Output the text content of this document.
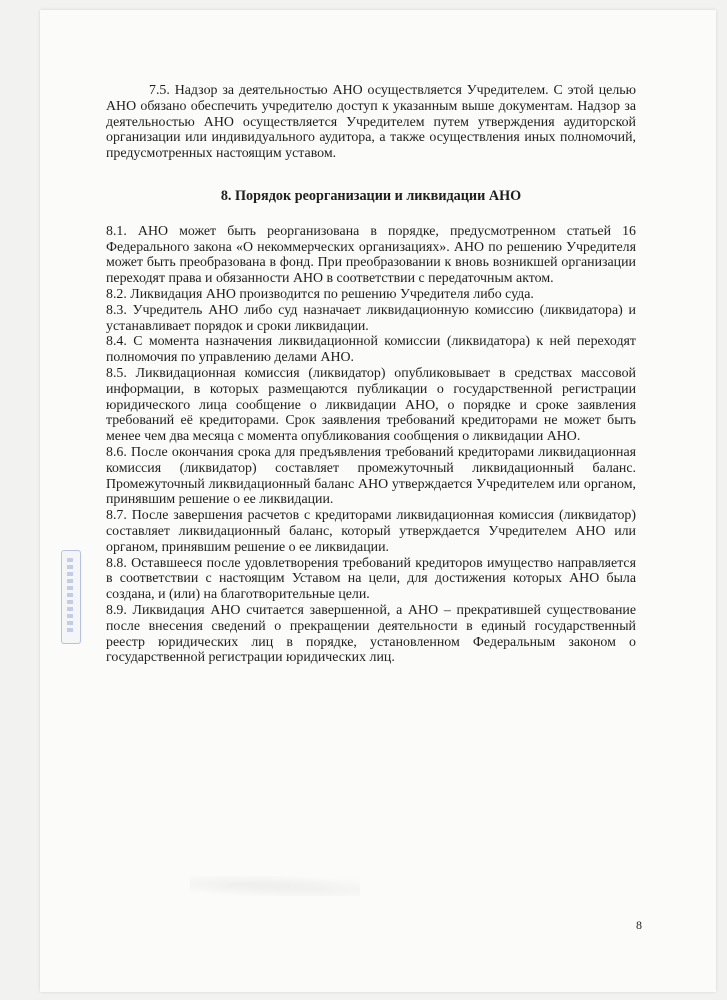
7.5. Надзор за деятельностью АНО осуществляется Учредителем. С этой целью АНО обязано обеспечить учредителю доступ к указанным выше документам. Надзор за деятельностью АНО осуществляется Учредителем путем утверждения аудиторской организации или индивидуального аудитора, а также осуществления иных полномочий, предусмотренных настоящим уставом.

8. Порядок реорганизации и ликвидации АНО

8.1. АНО может быть реорганизована в порядке, предусмотренном статьей 16 Федерального закона «О некоммерческих организациях». АНО по решению Учредителя может быть преобразована в фонд. При преобразовании к вновь возникшей организации переходят права и обязанности АНО в соответствии с передаточным актом.

8.2. Ликвидация АНО производится по решению Учредителя либо суда.

8.3. Учредитель АНО либо суд назначает ликвидационную комиссию (ликвидатора) и устанавливает порядок и сроки ликвидации.

8.4. С момента назначения ликвидационной комиссии (ликвидатора) к ней переходят полномочия по управлению делами АНО.

8.5. Ликвидационная комиссия (ликвидатор) опубликовывает в средствах массовой информации, в которых размещаются публикации о государственной регистрации юридического лица сообщение о ликвидации АНО, о порядке и сроке заявления требований её кредиторами. Срок заявления требований кредиторами не может быть менее чем два месяца с момента опубликования сообщения о ликвидации АНО.

8.6. После окончания срока для предъявления требований кредиторами ликвидационная комиссия (ликвидатор) составляет промежуточный ликвидационный баланс. Промежуточный ликвидационный баланс АНО утверждается Учредителем или органом, принявшим решение о ее ликвидации.

8.7. После завершения расчетов с кредиторами ликвидационная комиссия (ликвидатор) составляет ликвидационный баланс, который утверждается Учредителем АНО или органом, принявшим решение о ее ликвидации.

8.8. Оставшееся после удовлетворения требований кредиторов имущество направляется в соответствии с настоящим Уставом на цели, для достижения которых АНО была создана, и (или) на благотворительные цели.

8.9. Ликвидация АНО считается завершенной, а АНО – прекратившей существование после внесения сведений о прекращении деятельности в единый государственный реестр юридических лиц в порядке, установленном Федеральным законом о государственной регистрации юридических лиц.

8
